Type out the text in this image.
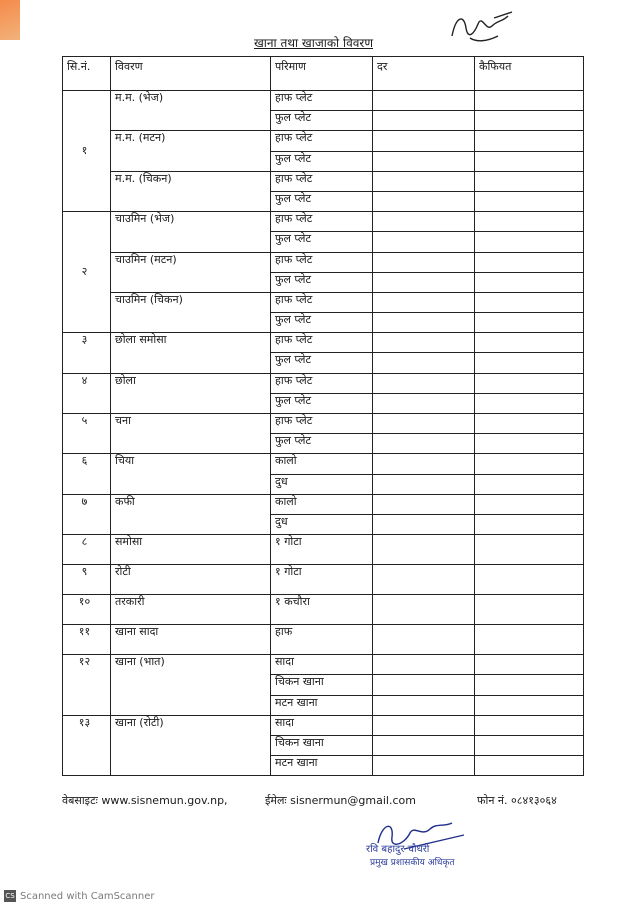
खाना तथा खाजाको विवरण
सि.नं.	विवरण	परिमाण	दर	कैफियत
१	म.म. (भेज)	हाफ प्लेट		
		फुल प्लेट		
	म.म. (मटन)	हाफ प्लेट		
		फुल प्लेट		
	म.म. (चिकन)	हाफ प्लेट		
		फुल प्लेट		
२	चाउमिन (भेज)	हाफ प्लेट		
		फुल प्लेट		
	चाउमिन (मटन)	हाफ प्लेट		
		फुल प्लेट		
	चाउमिन (चिकन)	हाफ प्लेट		
		फुल प्लेट		
३	छोला समोसा	हाफ प्लेट		
		फुल प्लेट		
४	छोला	हाफ प्लेट		
		फुल प्लेट		
५	चना	हाफ प्लेट		
		फुल प्लेट		
६	चिया	कालो		
		दुध		
७	कफी	कालो		
		दुध		
८	समोसा	१ गोटा		
९	रोटी	१ गोटा		
१०	तरकारी	१ कचौरा		
११	खाना सादा	हाफ		
१२	खाना (भात)	सादा		
		चिकन खाना		
		मटन खाना		
१३	खाना (रोटी)	सादा		
		चिकन खाना		
		मटन खाना		
वेबसाइटः www.sisnemun.gov.np,	ईमेलः sisnermun@gmail.com	फोन नं. ०८४१३०६४
रवि बहादुर चौधरी
प्रमुख प्रशासकीय अधिकृत
CS Scanned with CamScanner
